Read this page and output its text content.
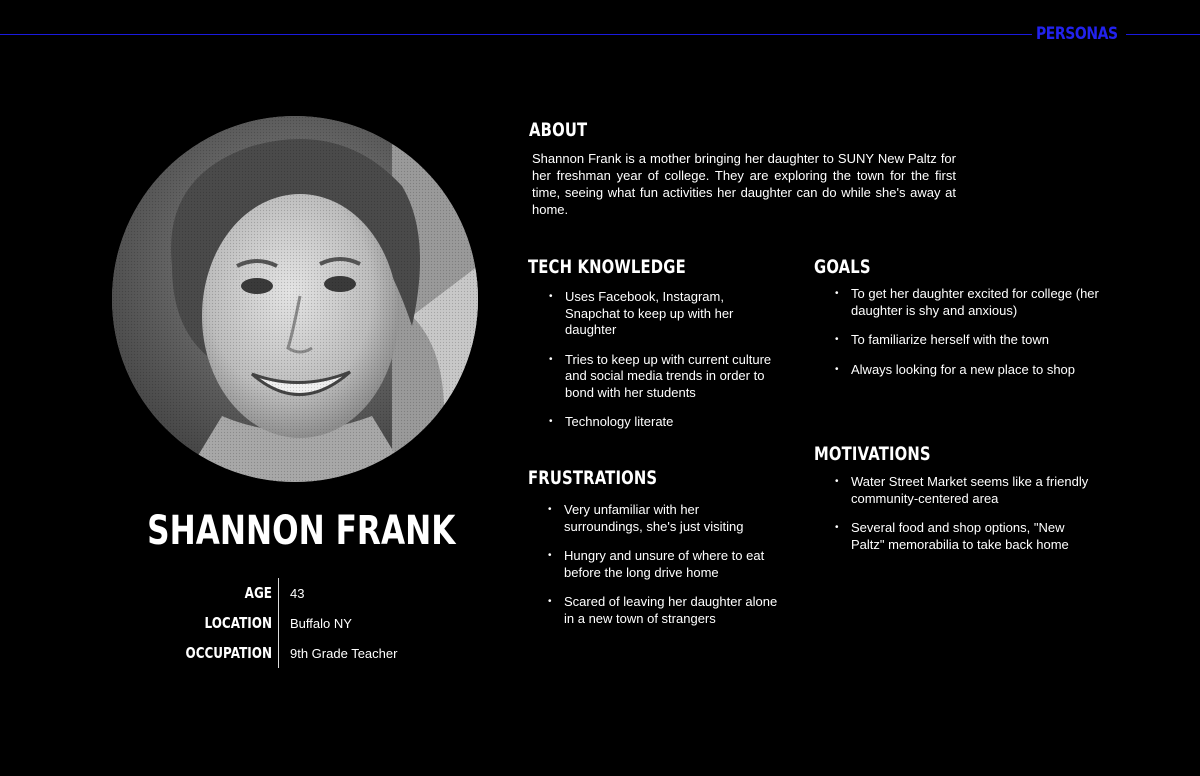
PERSONAS
SHANNON FRANK
AGE 43
LOCATION Buffalo NY
OCCUPATION 9th Grade Teacher
ABOUT

Shannon Frank is a mother bringing her daughter to SUNY New Paltz for her freshman year of college. They are exploring the town for the first time, seeing what fun activities her daughter can do while she's away at home.

TECH KNOWLEDGE
• Uses Facebook, Instagram, Snapchat to keep up with her daughter
• Tries to keep up with current culture and social media trends in order to bond with her students
• Technology literate
FRUSTRATIONS
• Very unfamiliar with her surroundings, she's just visiting
• Hungry and unsure of where to eat before the long drive home
• Scared of leaving her daughter alone in a new town of strangers
GOALS
• To get her daughter excited for college (her daughter is shy and anxious)
• To familiarize herself with the town
• Always looking for a new place to shop
MOTIVATIONS
• Water Street Market seems like a friendly community-centered area
• Several food and shop options, "New Paltz" memorabilia to take back home
